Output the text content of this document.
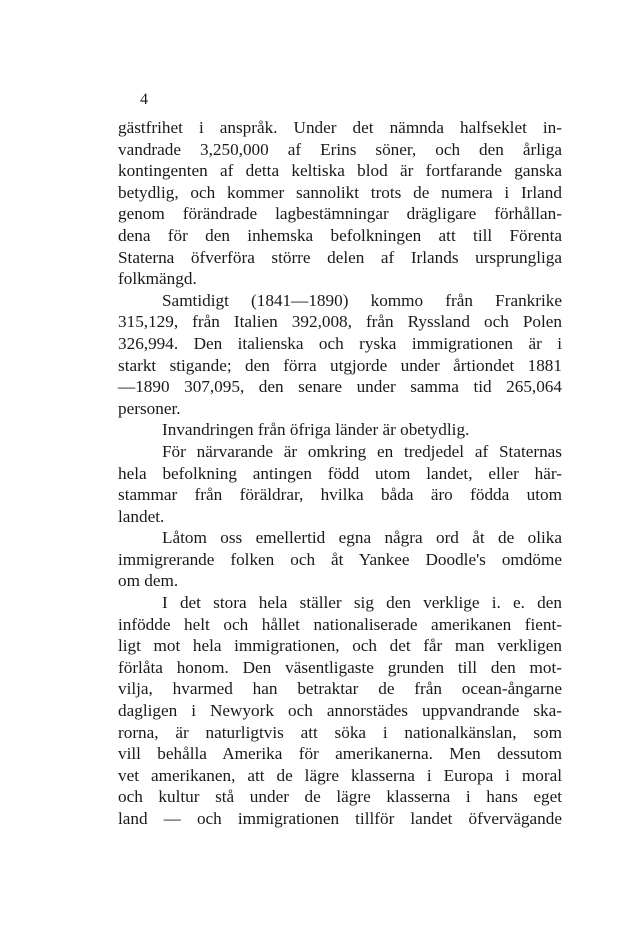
4

gästfrihet i anspråk. Under det nämnda halfseklet in-
vandrade 3,250,000 af Erins söner, och den årliga
kontingenten af detta keltiska blod är fortfarande ganska
betydlig, och kommer sannolikt trots de numera i Irland
genom förändrade lagbestämningar drägligare förhållan-
dena för den inhemska befolkningen att till Förenta
Staterna öfverföra större delen af Irlands ursprungliga
folkmängd.

Samtidigt (1841—1890) kommo från Frankrike
315,129, från Italien 392,008, från Ryssland och Polen
326,994. Den italienska och ryska immigrationen är i
starkt stigande; den förra utgjorde under årtiondet 1881
—1890 307,095, den senare under samma tid 265,064
personer.

Invandringen från öfriga länder är obetydlig.

För närvarande är omkring en tredjedel af Staternas
hela befolkning antingen född utom landet, eller här-
stammar från föräldrar, hvilka båda äro födda utom
landet.

Låtom oss emellertid egna några ord åt de olika
immigrerande folken och åt Yankee Doodle's omdöme
om dem.

I det stora hela ställer sig den verklige i. e. den
infödde helt och hållet nationaliserade amerikanen fient-
ligt mot hela immigrationen, och det får man verkligen
förlåta honom. Den väsentligaste grunden till den mot-
vilja, hvarmed han betraktar de från ocean-ångarne
dagligen i Newyork och annorstädes uppvandrande ska-
rorna, är naturligtvis att söka i nationalkänslan, som
vill behålla Amerika för amerikanerna. Men dessutom
vet amerikanen, att de lägre klasserna i Europa i moral
och kultur stå under de lägre klasserna i hans eget
land — och immigrationen tillför landet öfvervägande
